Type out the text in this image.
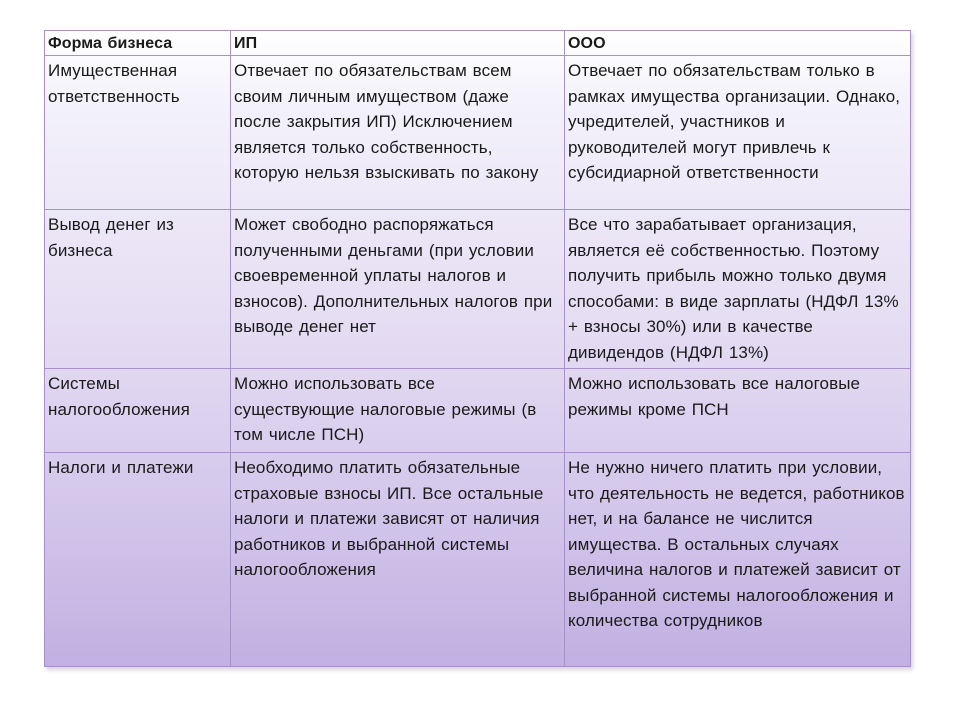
Форма бизнеса	ИП	ООО
Имущественная ответственность	Отвечает по обязательствам всем своим личным имуществом (даже после закрытия ИП) Исключением является только собственность, которую нельзя взыскивать по закону	Отвечает по обязательствам только в рамках имущества организации. Однако, учредителей, участников и руководителей могут привлечь к субсидиарной ответственности
Вывод денег из бизнеса	Может свободно распоряжаться полученными деньгами (при условии своевременной уплаты налогов и взносов). Дополнительных налогов при выводе денег нет	Все что зарабатывает организация, является её собственностью. Поэтому получить прибыль можно только двумя способами: в виде зарплаты (НДФЛ 13% + взносы 30%) или в качестве дивидендов (НДФЛ 13%)
Системы налогообложения	Можно использовать все существующие налоговые режимы (в том числе ПСН)	Можно использовать все налоговые режимы кроме ПСН
Налоги и платежи	Необходимо платить обязательные страховые взносы ИП. Все остальные налоги и платежи зависят от наличия работников и выбранной системы налогообложения	Не нужно ничего платить при условии, что деятельность не ведется, работников нет, и на балансе не числится имущества. В остальных случаях величина налогов и платежей зависит от выбранной системы налогообложения и количества сотрудников
